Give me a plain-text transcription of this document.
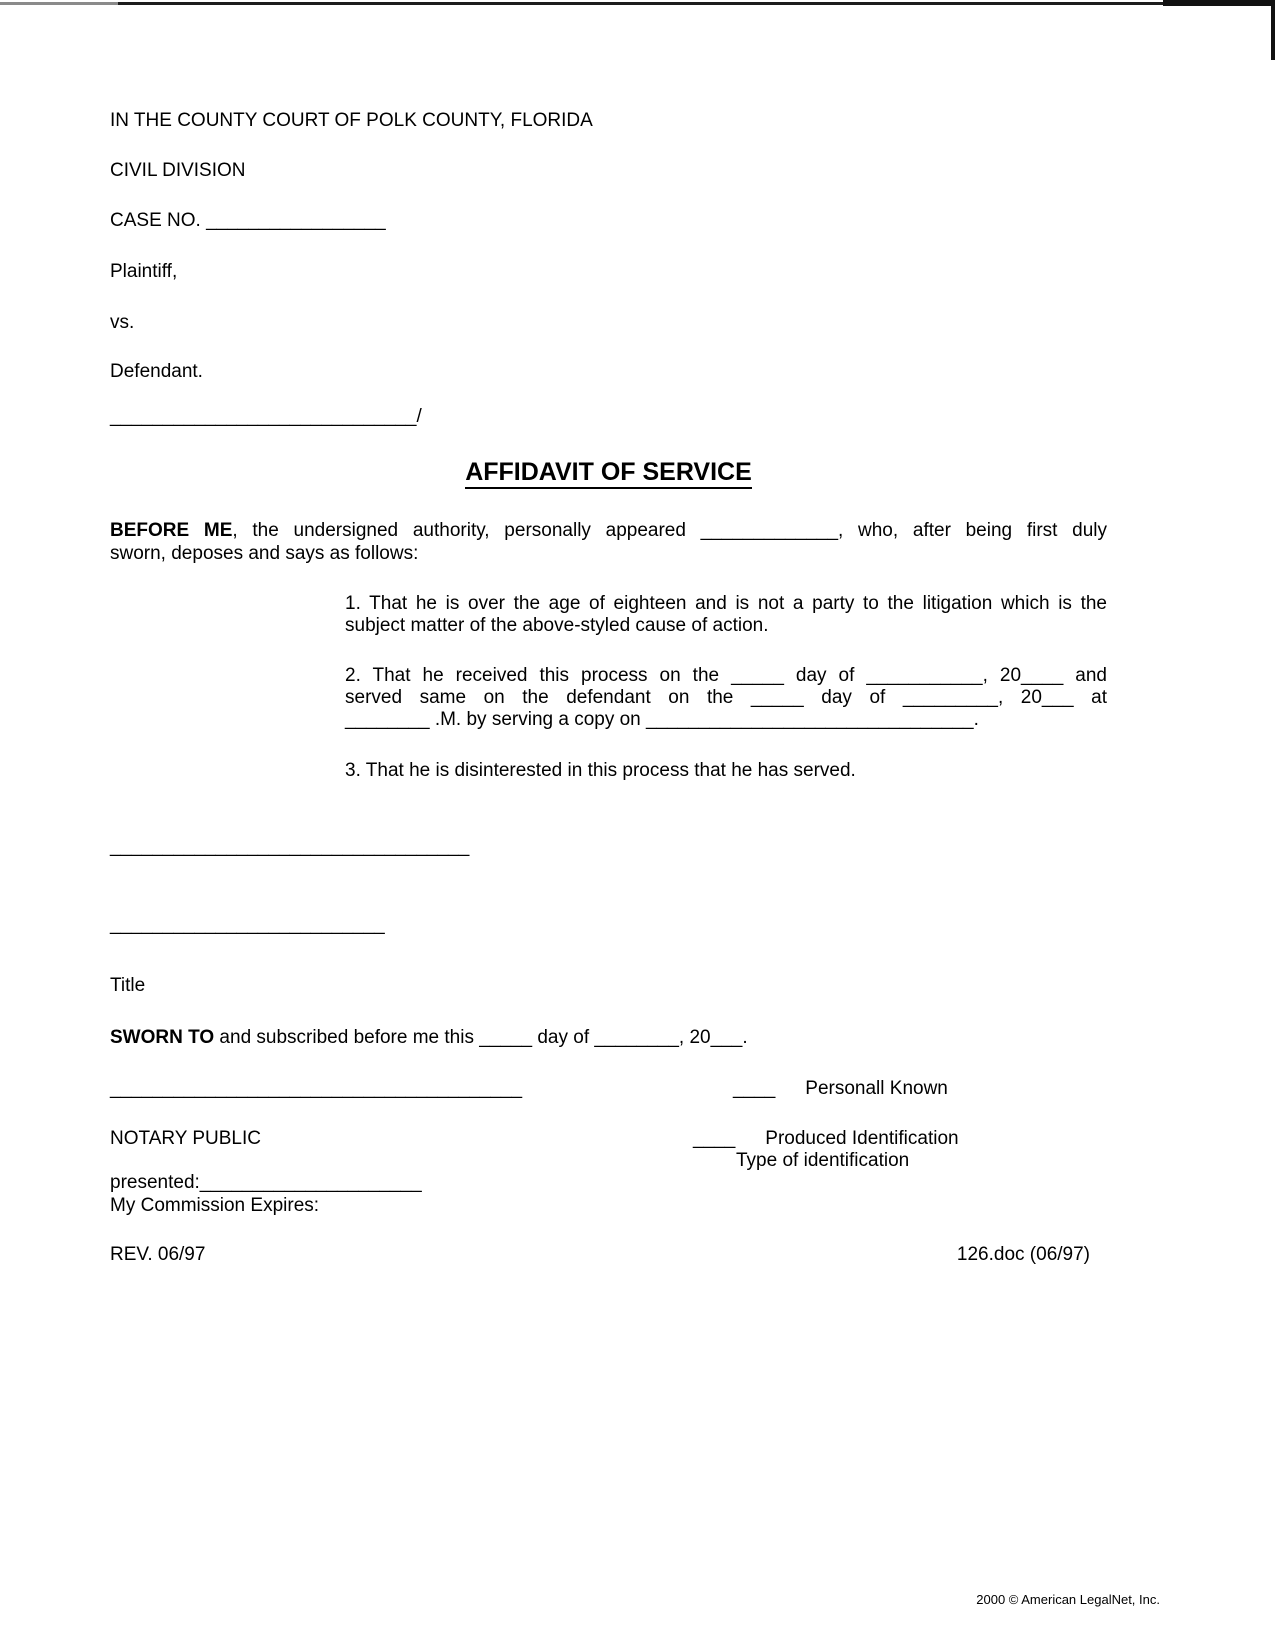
IN THE COUNTY COURT OF POLK COUNTY, FLORIDA
CIVIL DIVISION
CASE NO. _________________
Plaintiff,
vs.
Defendant.
_____________________________/
AFFIDAVIT OF SERVICE
BEFORE ME, the undersigned authority, personally appeared _____________, who, after being first duly
sworn, deposes and says as follows:
1. That he is over the age of eighteen and is not a party to the litigation which is the
subject matter of the above-styled cause of action.
2. That he received this process on the _____ day of ___________, 20____ and
served same on the defendant on the _____ day of _________, 20___ at
________ .M. by serving a copy on _______________________________.
3. That he is disinterested in this process that he has served.
__________________________________
__________________________
Title
SWORN TO and subscribed before me this _____ day of ________, 20___.
_______________________________________	____ Personall Known
NOTARY PUBLIC	____ Produced Identification
Type of identification
presented:_____________________
My Commission Expires:
REV. 06/97	126.doc (06/97)
2000 © American LegalNet, Inc.
